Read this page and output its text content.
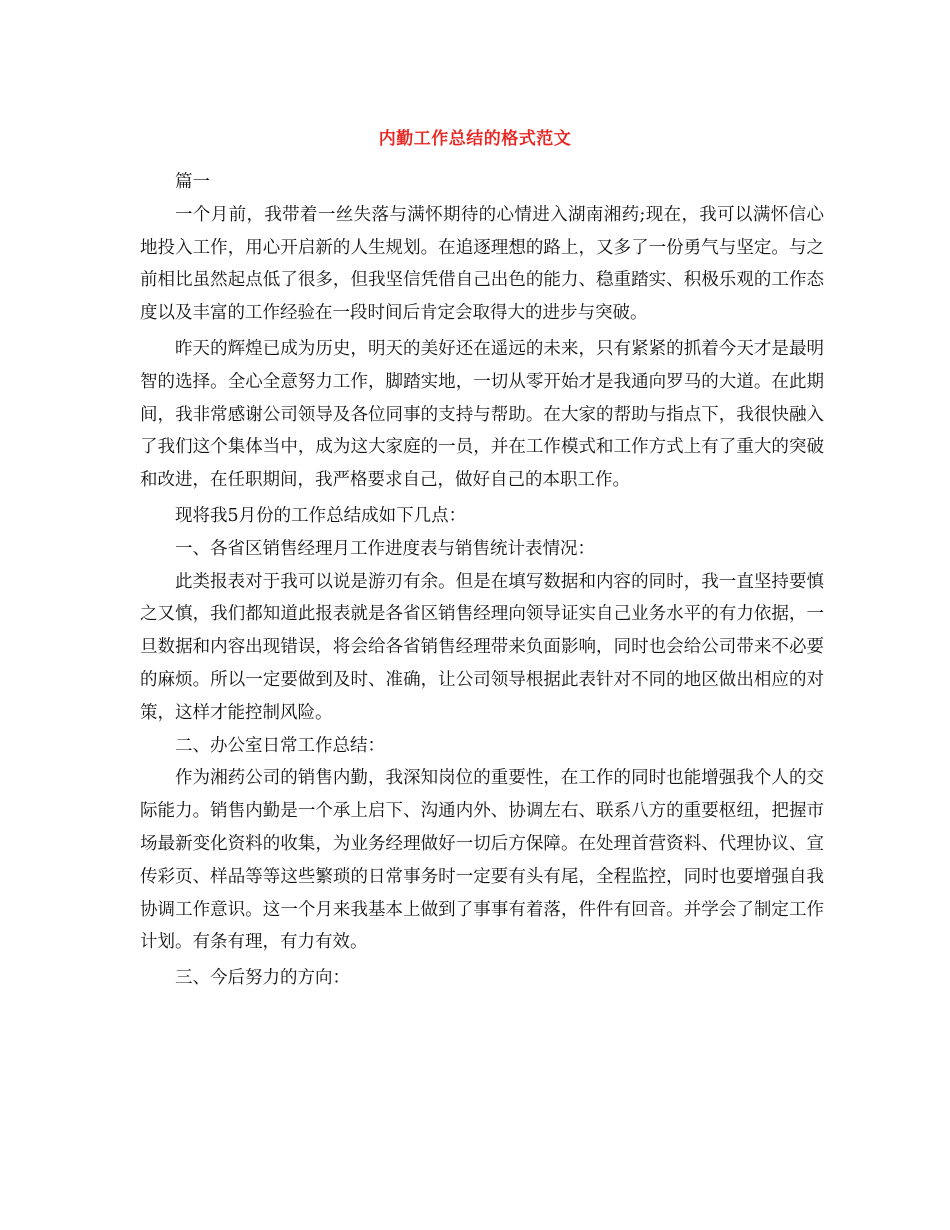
内勤工作总结的格式范文

篇一

一个月前，我带着一丝失落与满怀期待的心情进入湖南湘药;现在，我可以满怀信心地投入工作，用心开启新的人生规划。在追逐理想的路上，又多了一份勇气与坚定。与之前相比虽然起点低了很多，但我坚信凭借自己出色的能力、稳重踏实、积极乐观的工作态度以及丰富的工作经验在一段时间后肯定会取得大的进步与突破。

昨天的辉煌已成为历史，明天的美好还在遥远的未来，只有紧紧的抓着今天才是最明智的选择。全心全意努力工作，脚踏实地，一切从零开始才是我通向罗马的大道。在此期间，我非常感谢公司领导及各位同事的支持与帮助。在大家的帮助与指点下，我很快融入了我们这个集体当中，成为这大家庭的一员，并在工作模式和工作方式上有了重大的突破和改进，在任职期间，我严格要求自己，做好自己的本职工作。

现将我5月份的工作总结成如下几点：

一、各省区销售经理月工作进度表与销售统计表情况：

此类报表对于我可以说是游刃有余。但是在填写数据和内容的同时，我一直坚持要慎之又慎，我们都知道此报表就是各省区销售经理向领导证实自己业务水平的有力依据，一旦数据和内容出现错误，将会给各省销售经理带来负面影响，同时也会给公司带来不必要的麻烦。所以一定要做到及时、准确，让公司领导根据此表针对不同的地区做出相应的对策，这样才能控制风险。

二、办公室日常工作总结：

作为湘药公司的销售内勤，我深知岗位的重要性，在工作的同时也能增强我个人的交际能力。销售内勤是一个承上启下、沟通内外、协调左右、联系八方的重要枢纽，把握市场最新变化资料的收集，为业务经理做好一切后方保障。在处理首营资料、代理协议、宣传彩页、样品等等这些繁琐的日常事务时一定要有头有尾，全程监控，同时也要增强自我协调工作意识。这一个月来我基本上做到了事事有着落，件件有回音。并学会了制定工作计划。有条有理，有力有效。

三、今后努力的方向：
